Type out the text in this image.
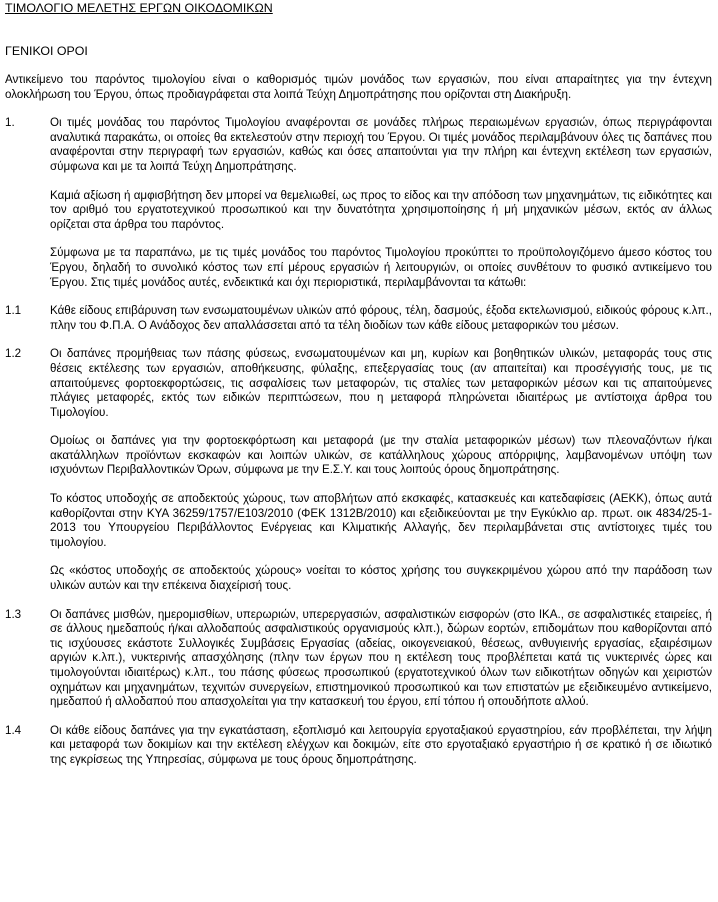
ΤΙΜΟΛΟΓΙΟ ΜΕΛΕΤΗΣ ΕΡΓΩΝ ΟΙΚΟΔΟΜΙΚΩΝ
ΓΕΝΙΚΟΙ ΟΡΟΙ

Αντικείμενο του παρόντος τιμολογίου είναι ο καθορισμός τιμών μονάδος των εργασιών, που είναι απαραίτητες για την έντεχνη ολοκλήρωση του Έργου, όπως προδιαγράφεται στα λοιπά Τεύχη Δημοπράτησης που ορίζονται στη Διακήρυξη.

1.	Οι τιμές μονάδας του παρόντος Τιμολογίου αναφέρονται σε μονάδες πλήρως περαιωμένων εργασιών, όπως περιγράφονται αναλυτικά παρακάτω, οι οποίες θα εκτελεστούν στην περιοχή του Έργου. Οι τιμές μονάδος περιλαμβάνουν όλες τις δαπάνες που αναφέρονται στην περιγραφή των εργασιών, καθώς και όσες απαιτούνται για την πλήρη και έντεχνη εκτέλεση των εργασιών, σύμφωνα και με τα λοιπά Τεύχη Δημοπράτησης.

Καμιά αξίωση ή αμφισβήτηση δεν μπορεί να θεμελιωθεί, ως προς το είδος και την απόδοση των μηχανημάτων, τις ειδικότητες και τον αριθμό του εργατοτεχνικού προσωπικού και την δυνατότητα χρησιμοποίησης ή μή μηχανικών μέσων, εκτός αν άλλως ορίζεται στα άρθρα του παρόντος.

Σύμφωνα με τα παραπάνω, με τις τιμές μονάδος του παρόντος Τιμολογίου προκύπτει το προϋπολογιζόμενο άμεσο κόστος του Έργου, δηλαδή το συνολικό κόστος των επί μέρους εργασιών ή λειτουργιών, οι οποίες συνθέτουν το φυσικό αντικείμενο του Έργου. Στις τιμές μονάδος αυτές, ενδεικτικά και όχι περιοριστικά, περιλαμβάνονται τα κάτωθι:

1.1	Κάθε είδους επιβάρυνση των ενσωματουμένων υλικών από φόρους, τέλη, δασμούς, έξοδα εκτελωνισμού, ειδικούς φόρους κ.λπ., πλην του Φ.Π.Α. Ο Ανάδοχος δεν απαλλάσσεται από τα τέλη διοδίων των κάθε είδους μεταφορικών του μέσων.

1.2	Οι δαπάνες προμήθειας των πάσης φύσεως, ενσωματουμένων και μη, κυρίων και βοηθητικών υλικών, μεταφοράς τους στις θέσεις εκτέλεσης των εργασιών, αποθήκευσης, φύλαξης, επεξεργασίας τους (αν απαιτείται) και προσέγγισής τους, με τις απαιτούμενες φορτοεκφορτώσεις, τις ασφαλίσεις των μεταφορών, τις σταλίες των μεταφορικών μέσων και τις απαιτούμενες πλάγιες μεταφορές, εκτός των ειδικών περιπτώσεων, που η μεταφορά πληρώνεται ιδιαιτέρως με αντίστοιχα άρθρα του Τιμολογίου.

Ομοίως οι δαπάνες για την φορτοεκφόρτωση και μεταφορά (με την σταλία μεταφορικών μέσων) των πλεοναζόντων ή/και ακατάλληλων προϊόντων εκσκαφών και λοιπών υλικών, σε κατάλληλους χώρους απόρριψης, λαμβανομένων υπόψη των ισχυόντων Περιβαλλοντικών Όρων, σύμφωνα με την Ε.Σ.Υ. και τους λοιπούς όρους δημοπράτησης.

Το κόστος υποδοχής σε αποδεκτούς χώρους, των αποβλήτων από εκσκαφές, κατασκευές και κατεδαφίσεις (ΑΕΚΚ), όπως αυτά καθορίζονται στην ΚΥΑ 36259/1757/Ε103/2010 (ΦΕΚ 1312Β/2010) και εξειδικεύονται με την Εγκύκλιο αρ. πρωτ. οικ 4834/25-1-2013 του Υπουργείου Περιβάλλοντος Ενέργειας και Κλιματικής Αλλαγής, δεν περιλαμβάνεται στις αντίστοιχες τιμές του τιμολογίου.

Ως «κόστος υποδοχής σε αποδεκτούς χώρους» νοείται το κόστος χρήσης του συγκεκριμένου χώρου από την παράδοση των υλικών αυτών και την επέκεινα διαχείρισή τους.

1.3	Οι δαπάνες μισθών, ημερομισθίων, υπερωριών, υπερεργασιών, ασφαλιστικών εισφορών (στο ΙΚΑ., σε ασφαλιστικές εταιρείες, ή σε άλλους ημεδαπούς ή/και αλλοδαπούς ασφαλιστικούς οργανισμούς κλπ.), δώρων εορτών, επιδομάτων που καθορίζονται από τις ισχύουσες εκάστοτε Συλλογικές Συμβάσεις Εργασίας (αδείας, οικογενειακού, θέσεως, ανθυγιεινής εργασίας, εξαιρέσιμων αργιών κ.λπ.), νυκτερινής απασχόλησης (πλην των έργων που η εκτέλεση τους προβλέπεται κατά τις νυκτερινές ώρες και τιμολογούνται ιδιαιτέρως) κ.λπ., του πάσης φύσεως προσωπικού (εργατοτεχνικού όλων των ειδικοτήτων οδηγών και χειριστών οχημάτων και μηχανημάτων, τεχνιτών συνεργείων, επιστημονικού προσωπικού και των επιστατών με εξειδικευμένο αντικείμενο, ημεδαπού ή αλλοδαπού που απασχολείται για την κατασκευή του έργου, επί τόπου ή οπουδήποτε αλλού.

1.4	Οι κάθε είδους δαπάνες για την εγκατάσταση, εξοπλισμό και λειτουργία εργοταξιακού εργαστηρίου, εάν προβλέπεται, την λήψη και μεταφορά των δοκιμίων και την εκτέλεση ελέγχων και δοκιμών, είτε στο εργοταξιακό εργαστήριο ή σε κρατικό ή σε ιδιωτικό της εγκρίσεως της Υπηρεσίας, σύμφωνα με τους όρους δημοπράτησης.
